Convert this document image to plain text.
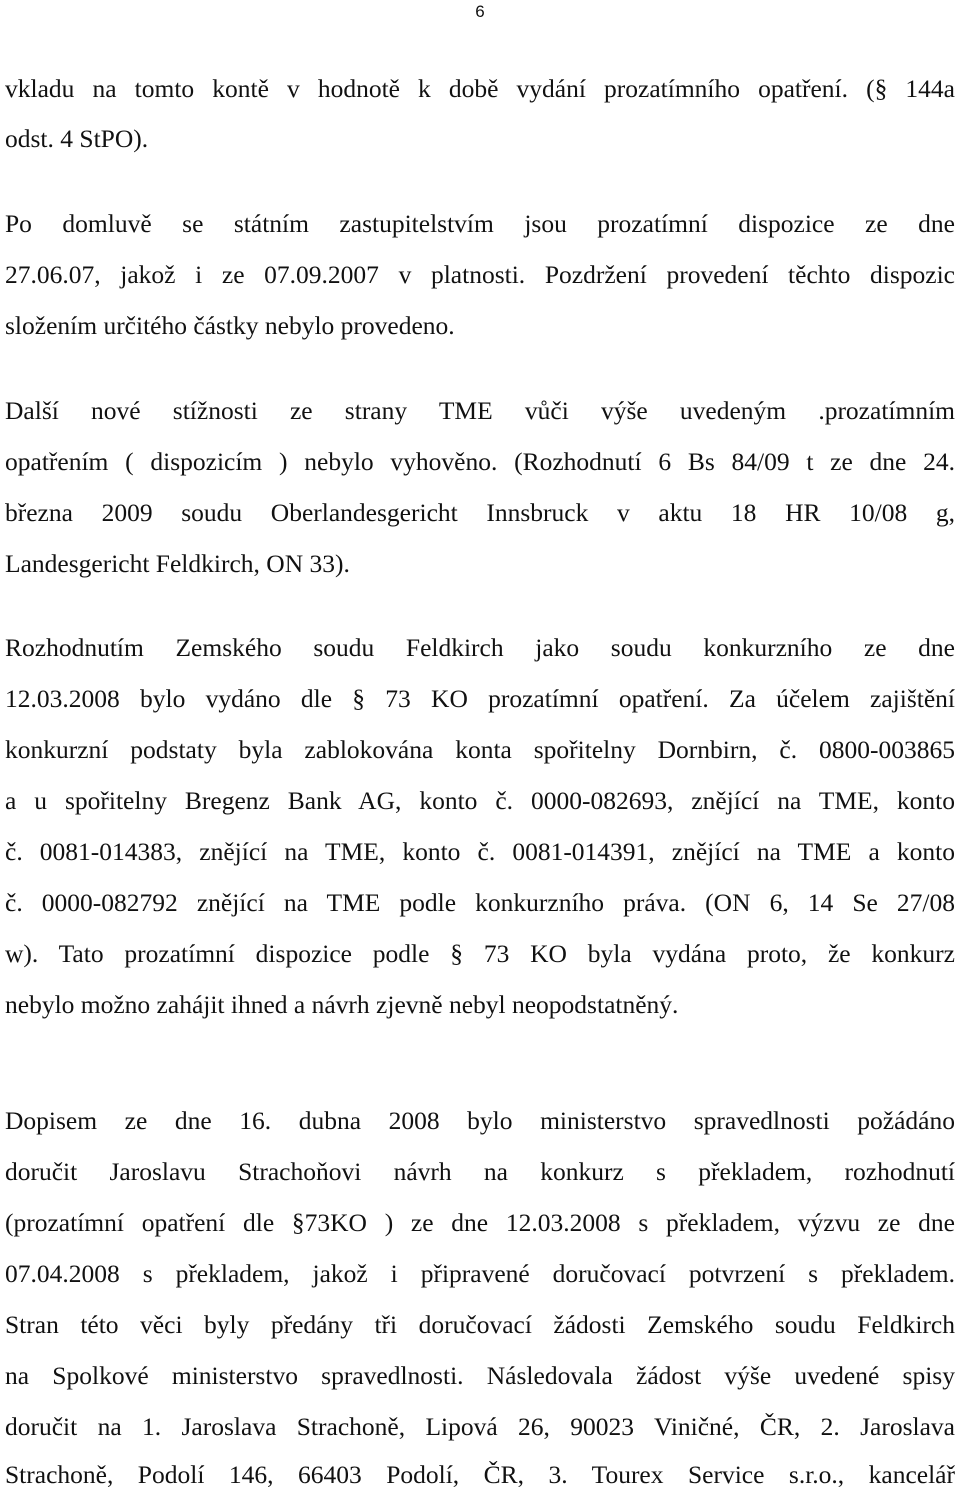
6
vkladu na tomto kontě v hodnotě k době vydání prozatímního opatření. (§ 144a
odst. 4 StPO).
Po domluvě se státním zastupitelstvím jsou prozatímní dispozice ze dne
27.06.07, jakož i ze 07.09.2007 v platnosti. Pozdržení provedení těchto dispozic
složením určitého částky nebylo provedeno.
Další nové stížnosti ze strany TME vůči výše uvedeným .prozatímním
opatřením ( dispozicím ) nebylo vyhověno. (Rozhodnutí 6 Bs 84/09 t ze dne 24.
března 2009 soudu Oberlandesgericht Innsbruck v aktu 18 HR 10/08 g,
Landesgericht Feldkirch, ON 33).
Rozhodnutím Zemského soudu Feldkirch jako soudu konkurzního ze dne
12.03.2008 bylo vydáno dle § 73 KO prozatímní opatření. Za účelem zajištění
konkurzní podstaty byla zablokována konta spořitelny Dornbirn, č. 0800-003865
a u spořitelny Bregenz Bank AG, konto č. 0000-082693, znějící na TME, konto
č. 0081-014383, znějící na TME, konto č. 0081-014391, znějící na TME a konto
č. 0000-082792 znějící na TME podle konkurzního práva. (ON 6, 14 Se 27/08
w). Tato prozatímní dispozice podle § 73 KO byla vydána proto, že konkurz
nebylo možno zahájit ihned a návrh zjevně nebyl neopodstatněný.
Dopisem ze dne 16. dubna 2008 bylo ministerstvo spravedlnosti požádáno
doručit Jaroslavu Strachoňovi návrh na konkurz s překladem, rozhodnutí
(prozatímní opatření dle §73KO ) ze dne 12.03.2008 s překladem, výzvu ze dne
07.04.2008 s překladem, jakož i připravené doručovací potvrzení s překladem.
Stran této věci byly předány tři doručovací žádosti Zemského soudu Feldkirch
na Spolkové ministerstvo spravedlnosti. Následovala žádost výše uvedené spisy
doručit na 1. Jaroslava Strachoně, Lipová 26, 90023 Viničné, ČR, 2. Jaroslava
Strachoně, Podolí 146, 66403 Podolí, ČR, 3. Tourex Service s.r.o., kancelář
